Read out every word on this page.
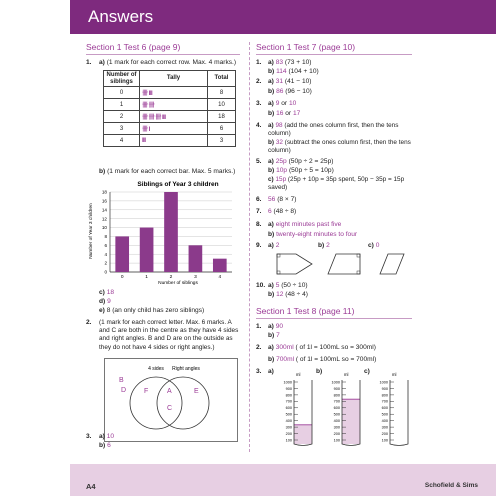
Answers
Section 1 Test 6 (page 9)
1. a) (1 mark for each correct row. Max. 4 marks.)
Number of siblings	Tally	Total
0	卌 III	8
1	卌 卌	10
2	卌 卌 卌 III	18
3	卌 I	6
4	III	3
b) (1 mark for each correct bar. Max. 5 marks.)
Siblings of Year 3 children
Number of Year 3 children
Number of siblings
0
2
4
6
8
10
12
14
16
18
0	1	2	3	4
c) 18
d) 9
e) 8 (an only child has zero siblings)
2. (1 mark for each correct letter. Max. 6 marks. A and C are both in the centre as they have 4 sides and right angles. B and D are on the outside as they do not have 4 sides or right angles.)
4 sides Right angles
B
D	F	A
C
E
3. a) 10
b) 6
Section 1 Test 7 (page 10)
1. a) 83 (73 + 10)
b) 114 (104 + 10)
2. a) 31 (41 − 10)
b) 86 (96 − 10)
3. a) 9 or 10
b) 16 or 17
4. a) 98 (add the ones column first, then the tens column)
b) 32 (subtract the ones column first, then the tens column)
5. a) 25p (50p ÷ 2 = 25p)
b) 10p (50p ÷ 5 = 10p)
c) 15p (25p + 10p = 35p spent, 50p − 35p = 15p saved)
6. 56 (8 × 7)
7. 6 (48 ÷ 8)
8. a) eight minutes past five
b) twenty-eight minutes to four
9. a) 2	b) 2	c) 0
10. a) 5 (50 ÷ 10)
b) 12 (48 ÷ 4)
Section 1 Test 8 (page 11)
1. a) 90
b) 7
2. a) 300ml ( of 1l = 100mL so = 300ml)
b) 700ml ( of 1l = 100mL so = 700ml)
3. a)	b)	c)
ml
1000
900
800
700
600
500
400
300
200
100
ml
1000
900
800
700
600
500
400
300
200
100
ml
1000
900
800
700
600
500
400
300
200
100
A4	Schofield & Sims
